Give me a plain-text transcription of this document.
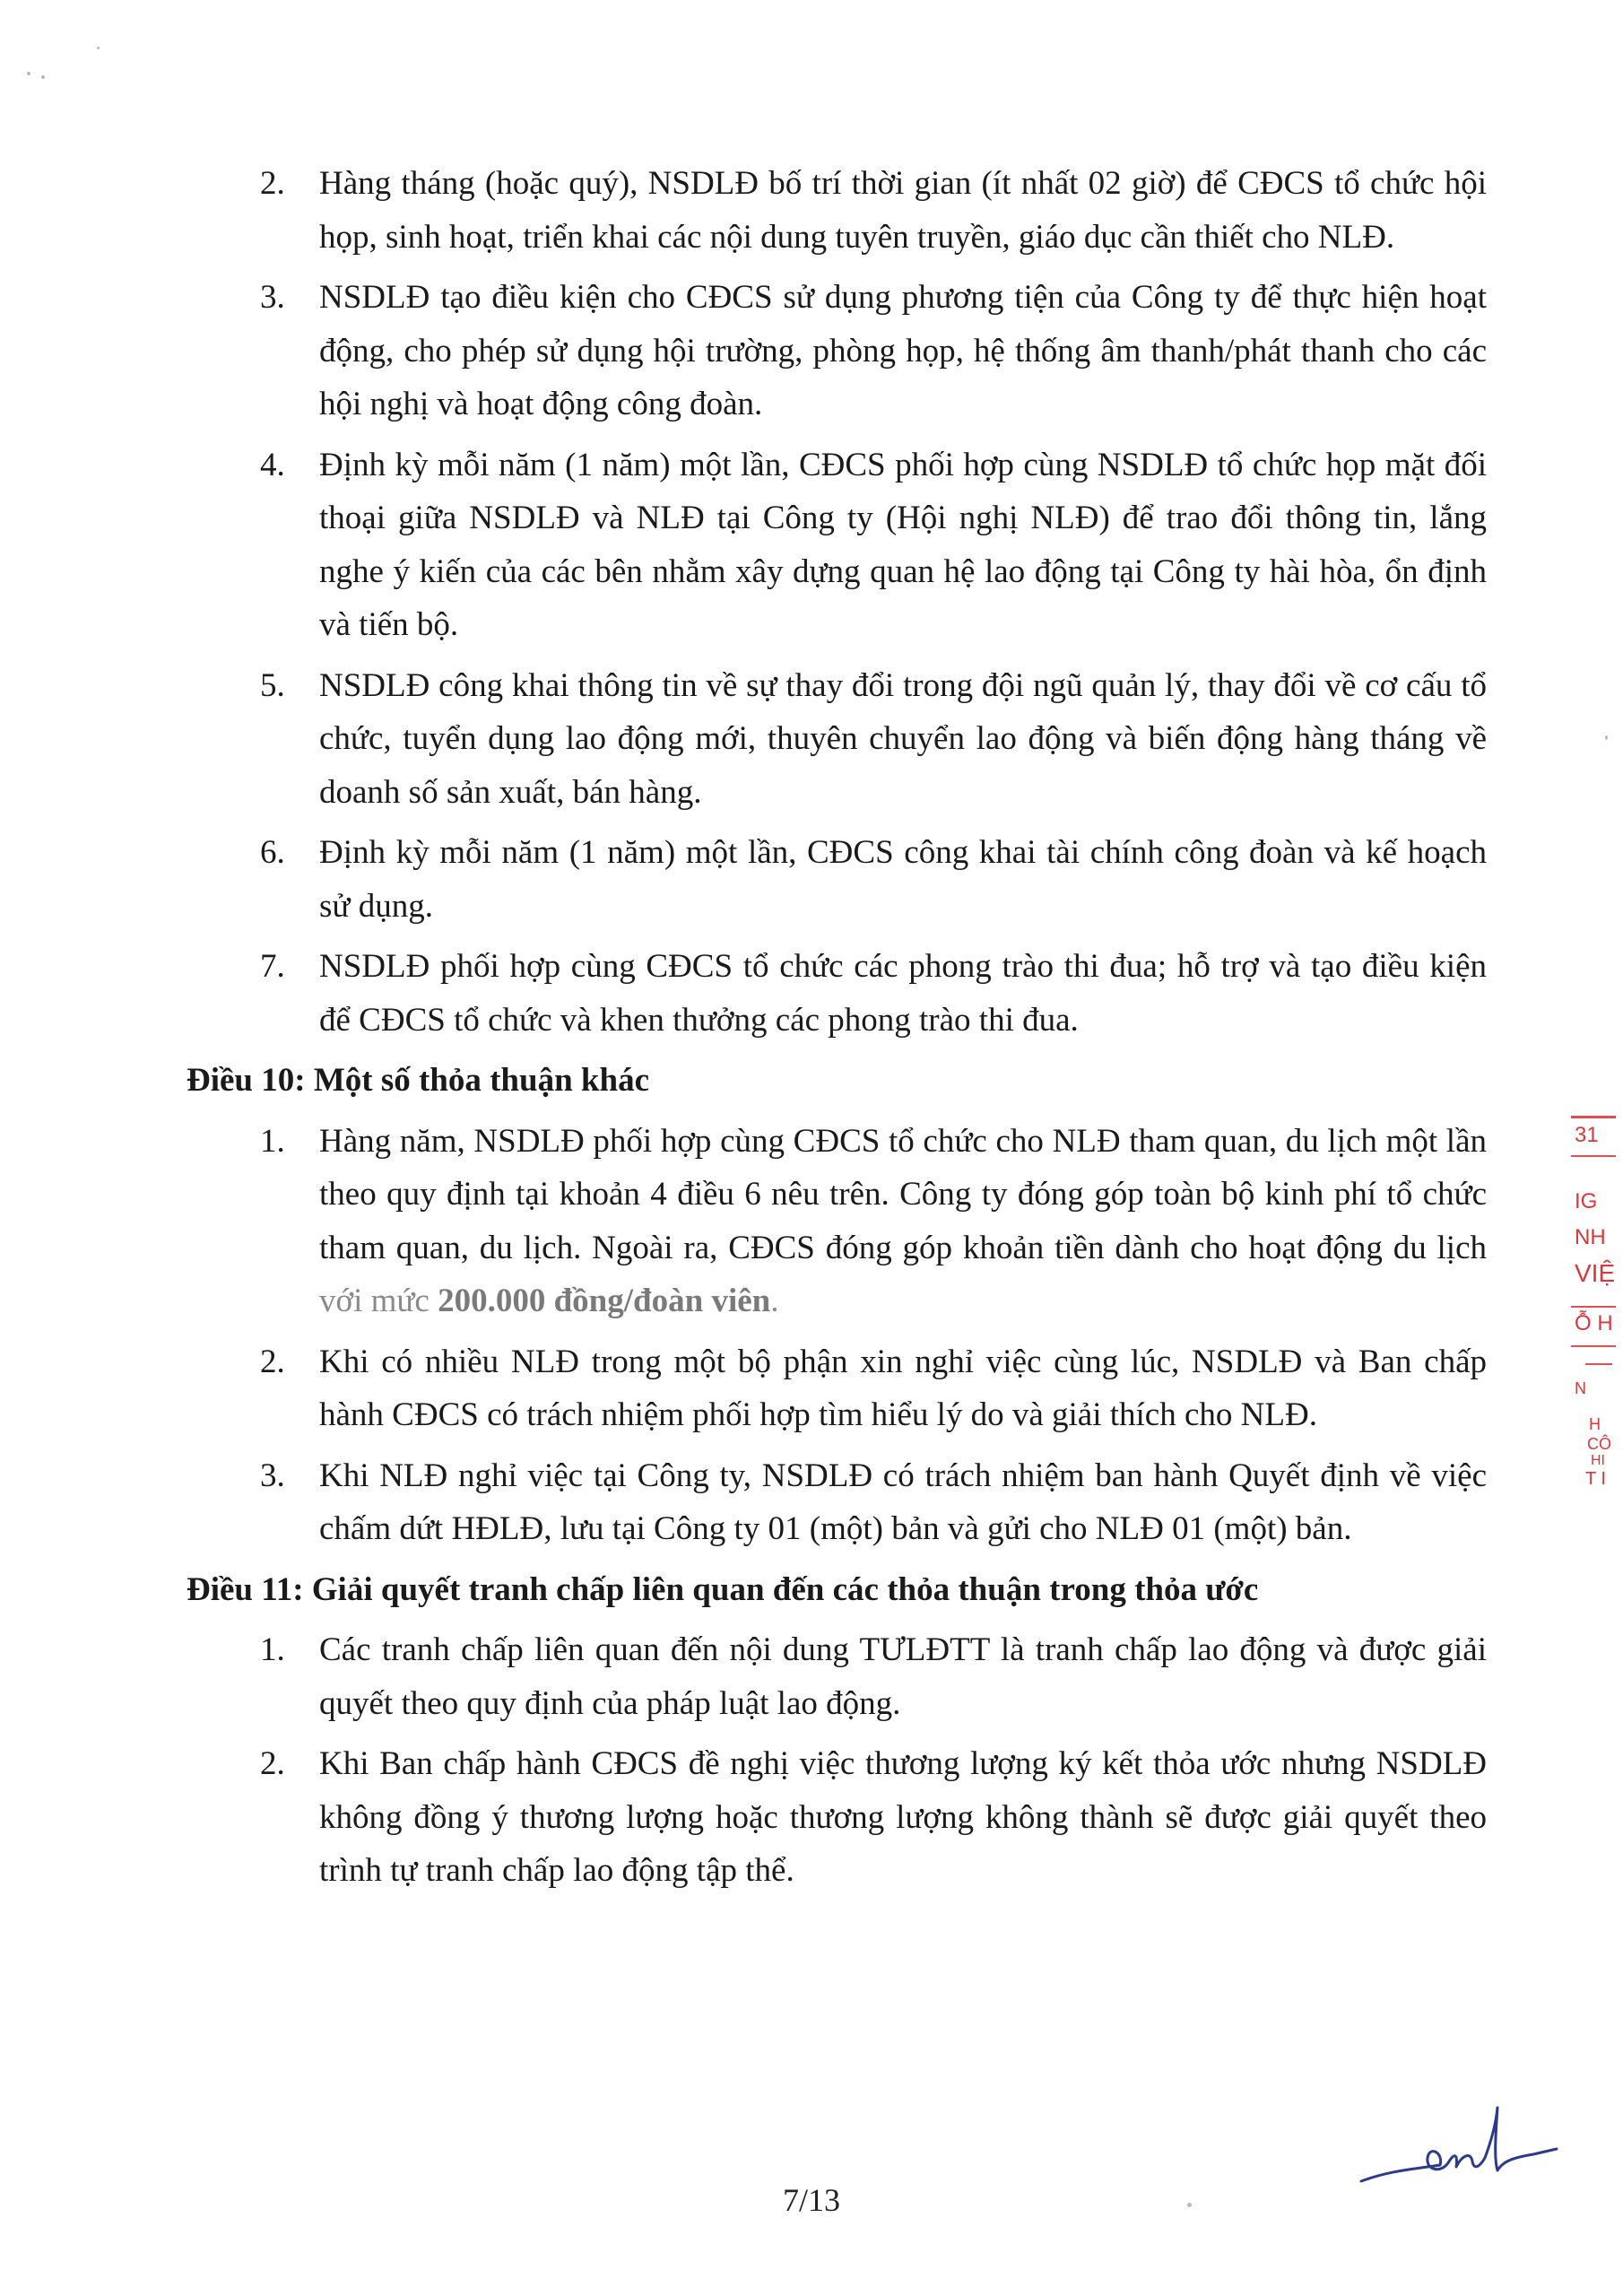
2.	Hàng tháng (hoặc quý), NSDLĐ bố trí thời gian (ít nhất 02 giờ) để CĐCS tổ chức hội họp, sinh hoạt, triển khai các nội dung tuyên truyền, giáo dục cần thiết cho NLĐ.
3.	NSDLĐ tạo điều kiện cho CĐCS sử dụng phương tiện của Công ty để thực hiện hoạt động, cho phép sử dụng hội trường, phòng họp, hệ thống âm thanh/phát thanh cho các hội nghị và hoạt động công đoàn.
4.	Định kỳ mỗi năm (1 năm) một lần, CĐCS phối hợp cùng NSDLĐ tổ chức họp mặt đối thoại giữa NSDLĐ và NLĐ tại Công ty (Hội nghị NLĐ) để trao đổi thông tin, lắng nghe ý kiến của các bên nhằm xây dựng quan hệ lao động tại Công ty hài hòa, ổn định và tiến bộ.
5.	NSDLĐ công khai thông tin về sự thay đổi trong đội ngũ quản lý, thay đổi về cơ cấu tổ chức, tuyển dụng lao động mới, thuyên chuyển lao động và biến động hàng tháng về doanh số sản xuất, bán hàng.
6.	Định kỳ mỗi năm (1 năm) một lần, CĐCS công khai tài chính công đoàn và kế hoạch sử dụng.
7.	NSDLĐ phối hợp cùng CĐCS tổ chức các phong trào thi đua; hỗ trợ và tạo điều kiện để CĐCS tổ chức và khen thưởng các phong trào thi đua.
Điều 10: Một số thỏa thuận khác
1.	Hàng năm, NSDLĐ phối hợp cùng CĐCS tổ chức cho NLĐ tham quan, du lịch một lần theo quy định tại khoản 4 điều 6 nêu trên. Công ty đóng góp toàn bộ kinh phí tổ chức tham quan, du lịch. Ngoài ra, CĐCS đóng góp khoản tiền dành cho hoạt động du lịch với mức 200.000 đồng/đoàn viên.
2.	Khi có nhiều NLĐ trong một bộ phận xin nghỉ việc cùng lúc, NSDLĐ và Ban chấp hành CĐCS có trách nhiệm phối hợp tìm hiểu lý do và giải thích cho NLĐ.
3.	Khi NLĐ nghỉ việc tại Công ty, NSDLĐ có trách nhiệm ban hành Quyết định về việc chấm dứt HĐLĐ, lưu tại Công ty 01 (một) bản và gửi cho NLĐ 01 (một) bản.
Điều 11: Giải quyết tranh chấp liên quan đến các thỏa thuận trong thỏa ước
1.	Các tranh chấp liên quan đến nội dung TƯLĐTT là tranh chấp lao động và được giải quyết theo quy định của pháp luật lao động.
2.	Khi Ban chấp hành CĐCS đề nghị việc thương lượng ký kết thỏa ước nhưng NSDLĐ không đồng ý thương lượng hoặc thương lượng không thành sẽ được giải quyết theo trình tự tranh chấp lao động tập thể.
31
IG
NH
VIỆ
Ỗ H
N
H
CÔ
HI
T I
7/13
